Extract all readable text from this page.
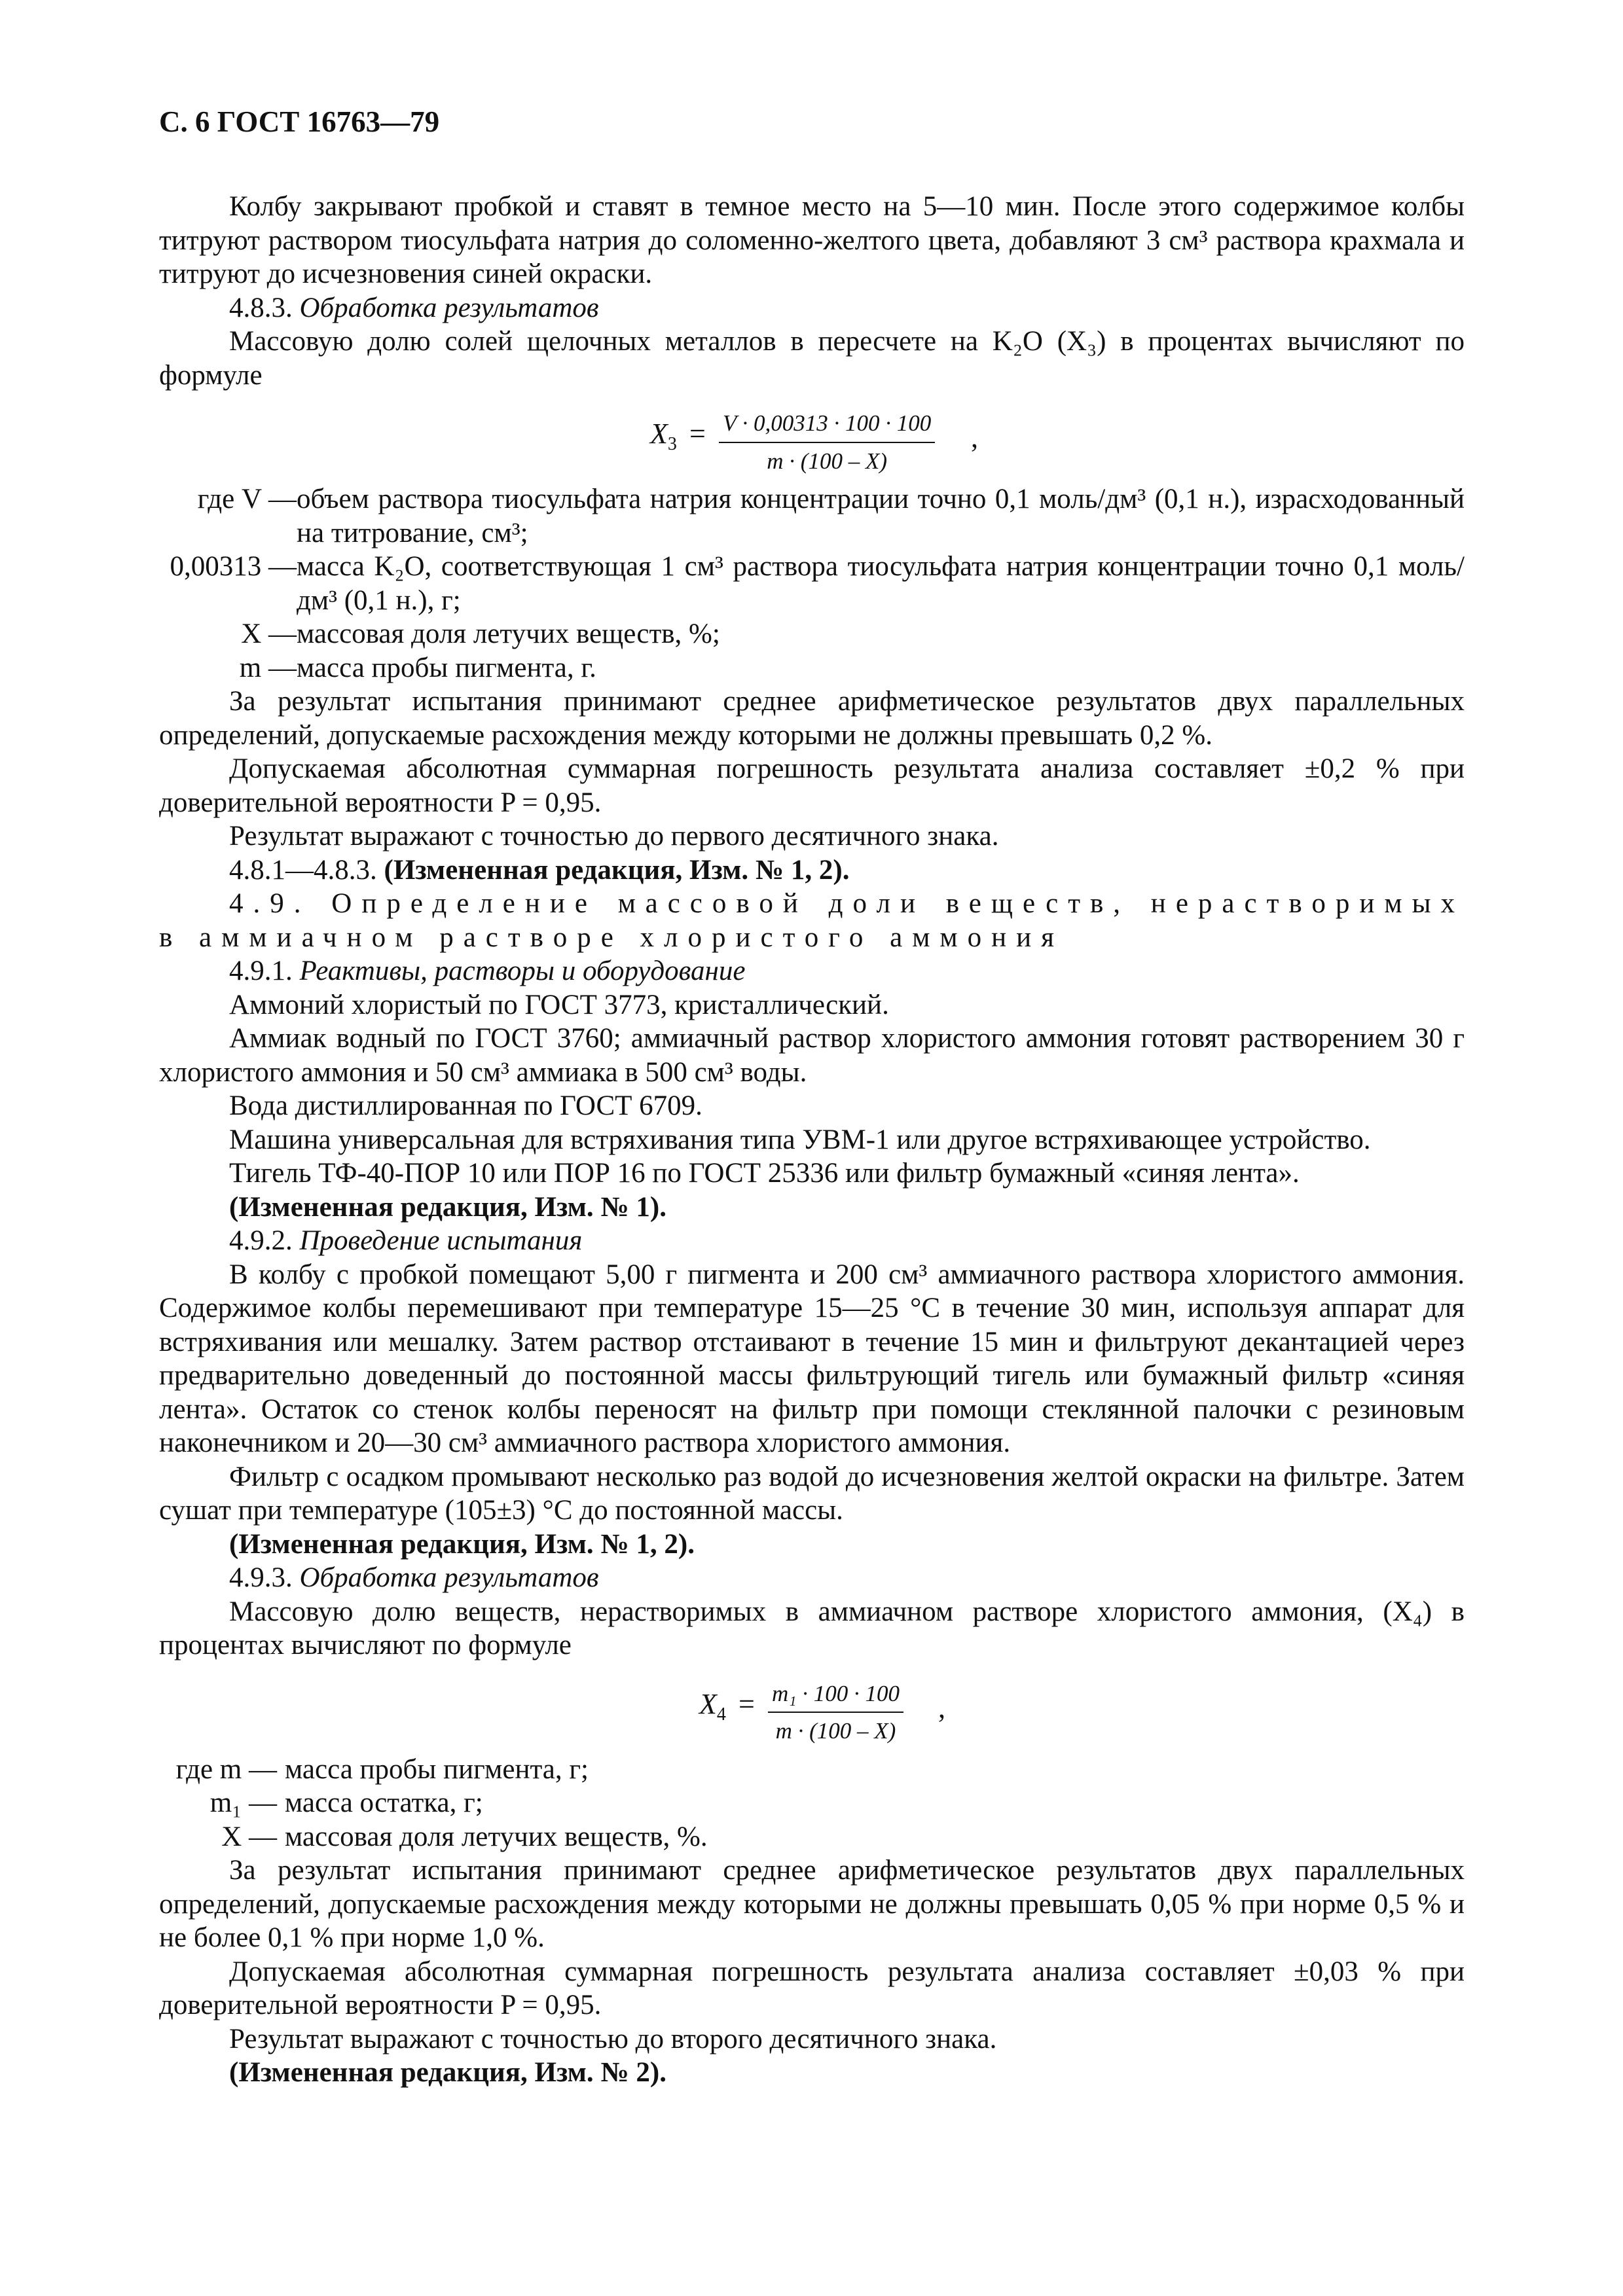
С. 6 ГОСТ 16763—79

Колбу закрывают пробкой и ставят в темное место на 5—10 мин. После этого содержимое колбы титруют раствором тиосульфата натрия до соломенно-желтого цвета, добавляют 3 см³ раствора крахмала и титруют до исчезновения синей окраски.

4.8.3. Обработка результатов

Массовую долю солей щелочных металлов в пересчете на K₂O (X₃) в процентах вычисляют по формуле

$X_3 = \frac{V \cdot 0,00313 \cdot 100 \cdot 100}{m \cdot (100 - X)}$ ,
где V — объем раствора тиосульфата натрия концентрации точно 0,1 моль/дм³ (0,1 н.), израсходованный на титрование, см³;
0,00313 — масса K₂O, соответствующая 1 см³ раствора тиосульфата натрия концентрации точно 0,1 моль/дм³ (0,1 н.), г;
X — массовая доля летучих веществ, %;
m — масса пробы пигмента, г.

За результат испытания принимают среднее арифметическое результатов двух параллельных определений, допускаемые расхождения между которыми не должны превышать 0,2 %.

Допускаемая абсолютная суммарная погрешность результата анализа составляет ±0,2 % при доверительной вероятности P = 0,95.

Результат выражают с точностью до первого десятичного знака.

4.8.1—4.8.3. (Измененная редакция, Изм. № 1, 2).

4.9. Определение массовой доли веществ, нерастворимых в аммиачном растворе хлористого аммония

4.9.1. Реактивы, растворы и оборудование

Аммоний хлористый по ГОСТ 3773, кристаллический.

Аммиак водный по ГОСТ 3760; аммиачный раствор хлористого аммония готовят растворением 30 г хлористого аммония и 50 см³ аммиака в 500 см³ воды.

Вода дистиллированная по ГОСТ 6709.

Машина универсальная для встряхивания типа УВМ-1 или другое встряхивающее устройство.

Тигель ТФ-40-ПОР 10 или ПОР 16 по ГОСТ 25336 или фильтр бумажный «синяя лента».

(Измененная редакция, Изм. № 1).

4.9.2. Проведение испытания

В колбу с пробкой помещают 5,00 г пигмента и 200 см³ аммиачного раствора хлористого аммония. Содержимое колбы перемешивают при температуре 15—25 °С в течение 30 мин, используя аппарат для встряхивания или мешалку. Затем раствор отстаивают в течение 15 мин и фильтруют декантацией через предварительно доведенный до постоянной массы фильтрующий тигель или бумажный фильтр «синяя лента». Остаток со стенок колбы переносят на фильтр при помощи стеклянной палочки с резиновым наконечником и 20—30 см³ аммиачного раствора хлористого аммония.

Фильтр с осадком промывают несколько раз водой до исчезновения желтой окраски на фильтре. Затем сушат при температуре (105±3) °С до постоянной массы.

(Измененная редакция, Изм. № 1, 2).

4.9.3. Обработка результатов

Массовую долю веществ, нерастворимых в аммиачном растворе хлористого аммония, (X₄) в процентах вычисляют по формуле

$X_4 = \frac{\text{m₁ · 100 · 100}}{m \cdot (100 - X)}$ ,
где m — масса пробы пигмента, г;
m₁ — масса остатка, г;
X — массовая доля летучих веществ, %.

За результат испытания принимают среднее арифметическое результатов двух параллельных определений, допускаемые расхождения между которыми не должны превышать 0,05 % при норме 0,5 % и не более 0,1 % при норме 1,0 %.

Допускаемая абсолютная суммарная погрешность результата анализа составляет ±0,03 % при доверительной вероятности P = 0,95.

Результат выражают с точностью до второго десятичного знака.

(Измененная редакция, Изм. № 2).
